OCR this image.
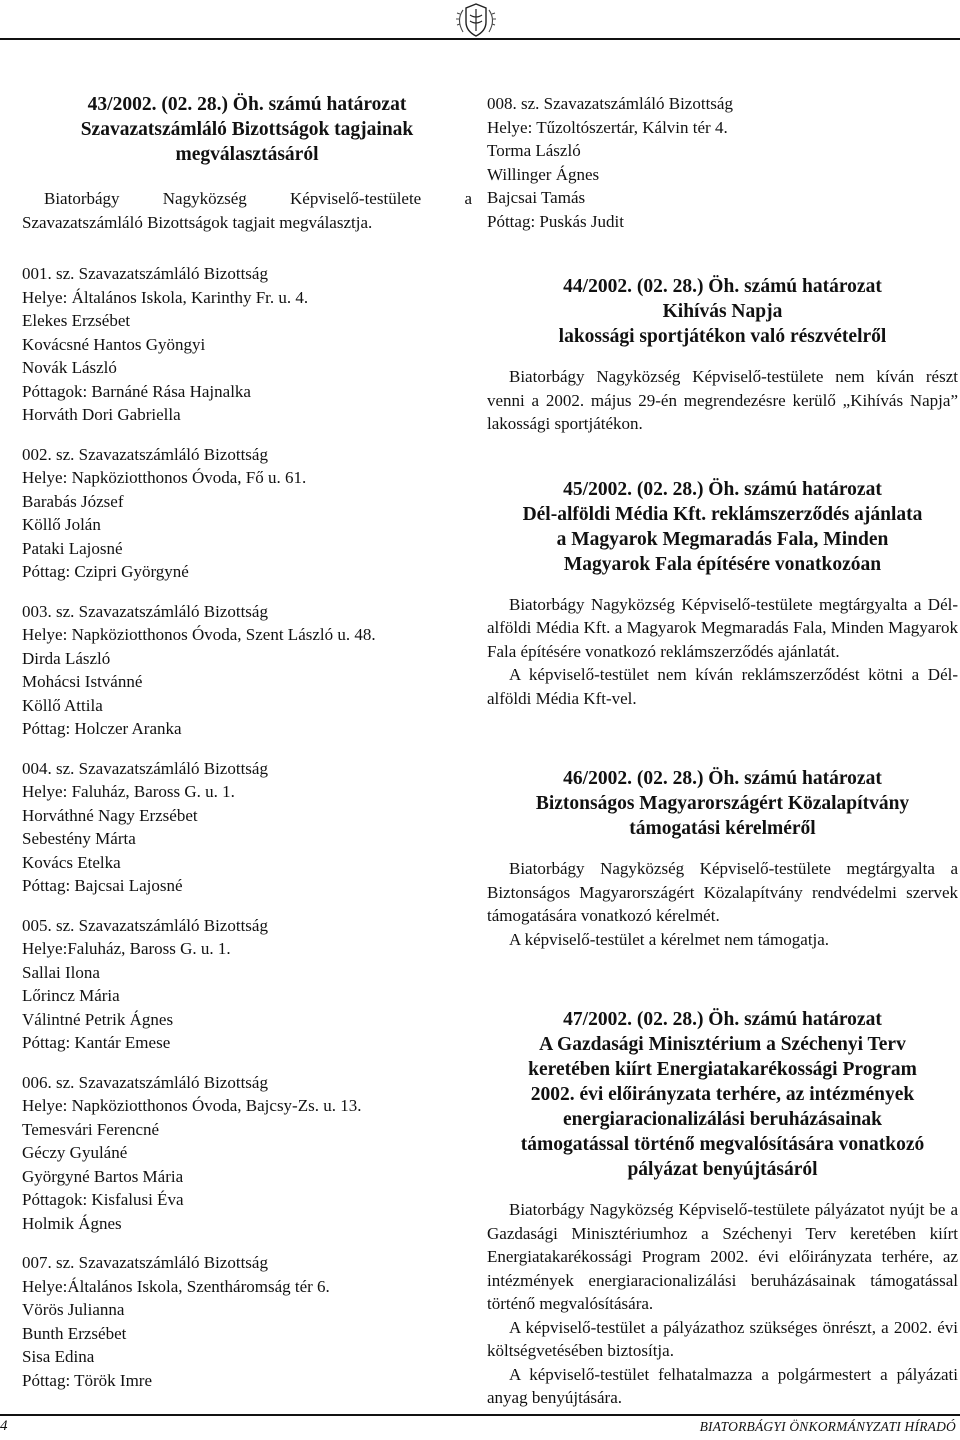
43/2002. (02. 28.) Öh. számú határozat
Szavazatszámláló Bizottságok tagjainak
megválasztásáról

Biatorbágy Nagyközség Képviselő-testülete a Szavazatszámláló Bizottságok tagjait megválasztja.

001. sz. Szavazatszámláló Bizottság
Helye: Általános Iskola, Karinthy Fr. u. 4.
Elekes Erzsébet
Kovácsné Hantos Gyöngyi
Novák László
Póttagok: Barnáné Rása Hajnalka
Horváth Dori Gabriella
002. sz. Szavazatszámláló Bizottság
Helye: Napköziotthonos Óvoda, Fő u. 61.
Barabás József
Köllő Jolán
Pataki Lajosné
Póttag: Czipri Györgyné
003. sz. Szavazatszámláló Bizottság
Helye: Napköziotthonos Óvoda, Szent László u. 48.
Dirda László
Mohácsi Istvánné
Köllő Attila
Póttag: Holczer Aranka
004. sz. Szavazatszámláló Bizottság
Helye: Faluház, Baross G. u. 1.
Horváthné Nagy Erzsébet
Sebestény Márta
Kovács Etelka
Póttag: Bajcsai Lajosné
005. sz. Szavazatszámláló Bizottság
Helye:Faluház, Baross G. u. 1.
Sallai Ilona
Lőrincz Mária
Válintné Petrik Ágnes
Póttag: Kantár Emese
006. sz. Szavazatszámláló Bizottság
Helye: Napköziotthonos Óvoda, Bajcsy-Zs. u. 13.
Temesvári Ferencné
Géczy Gyuláné
Györgyné Bartos Mária
Póttagok: Kisfalusi Éva
Holmik Ágnes
007. sz. Szavazatszámláló Bizottság
Helye:Általános Iskola, Szentháromság tér 6.
Vörös Julianna
Bunth Erzsébet
Sisa Edina
Póttag: Török Imre
008. sz. Szavazatszámláló Bizottság
Helye: Tűzoltószertár, Kálvin tér 4.
Torma László
Willinger Ágnes
Bajcsai Tamás
Póttag: Puskás Judit
44/2002. (02. 28.) Öh. számú határozat
Kihívás Napja
lakossági sportjátékon való részvételről

Biatorbágy Nagyközség Képviselő-testülete nem kíván részt venni a 2002. május 29-én megrendezésre kerülő „Kihívás Napja” lakossági sportjátékon.

45/2002. (02. 28.) Öh. számú határozat
Dél-alföldi Média Kft. reklámszerződés ajánlata
a Magyarok Megmaradás Fala, Minden
Magyarok Fala építésére vonatkozóan

Biatorbágy Nagyközség Képviselő-testülete megtárgyalta a Dél-alföldi Média Kft. a Magyarok Megmaradás Fala, Minden Magyarok Fala építésére vonatkozó reklámszerződés ajánlatát.

A képviselő-testület nem kíván reklámszerződést kötni a Dél-alföldi Média Kft-vel.

46/2002. (02. 28.) Öh. számú határozat
Biztonságos Magyarországért Közalapítvány
támogatási kérelméről

Biatorbágy Nagyközség Képviselő-testülete megtárgyalta a Biztonságos Magyarországért Közalapítvány rendvédelmi szervek támogatására vonatkozó kérelmét.

A képviselő-testület a kérelmet nem támogatja.

47/2002. (02. 28.) Öh. számú határozat
A Gazdasági Minisztérium a Széchenyi Terv
keretében kiírt Energiatakarékossági Program
2002. évi előirányzata terhére, az intézmények
energiaracionalizálási beruházásainak
támogatással történő megvalósítására vonatkozó
pályázat benyújtásáról

Biatorbágy Nagyközség Képviselő-testülete pályázatot nyújt be a Gazdasági Minisztériumhoz a Széchenyi Terv keretében kiírt Energiatakarékossági Program 2002. évi előirányzata terhére, az intézmények energiaracionalizálási beruházásainak támogatással történő megvalósítására.

A képviselő-testület a pályázathoz szükséges önrészt, a 2002. évi költségvetésében biztosítja.

A képviselő-testület felhatalmazza a polgármestert a pályázati anyag benyújtására.

4	BIATORBÁGYI ÖNKORMÁNYZATI HÍRADÓ
